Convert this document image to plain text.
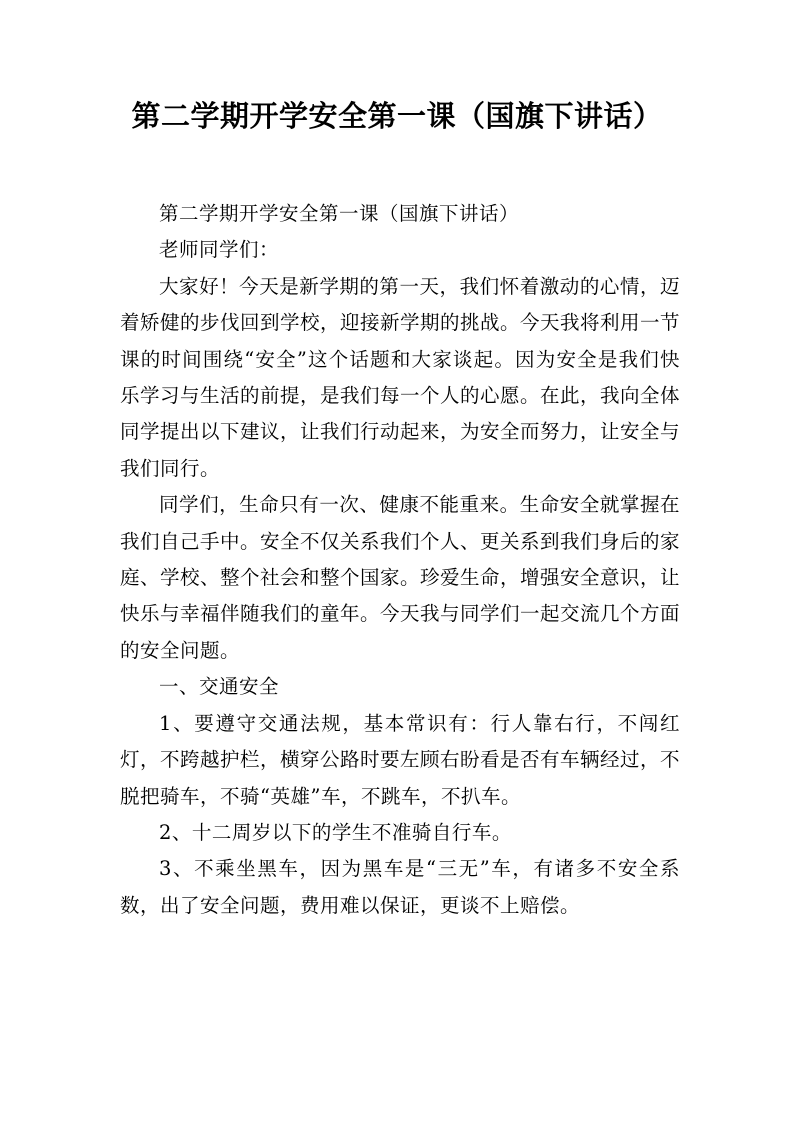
第二学期开学安全第一课（国旗下讲话）

第二学期开学安全第一课（国旗下讲话）

老师同学们：

大家好！今天是新学期的第一天，我们怀着激动的心情，迈着矫健的步伐回到学校，迎接新学期的挑战。今天我将利用一节课的时间围绕“安全”这个话题和大家谈起。因为安全是我们快乐学习与生活的前提，是我们每一个人的心愿。在此，我向全体同学提出以下建议，让我们行动起来，为安全而努力，让安全与我们同行。

同学们，生命只有一次、健康不能重来。生命安全就掌握在我们自己手中。安全不仅关系我们个人、更关系到我们身后的家庭、学校、整个社会和整个国家。珍爱生命，增强安全意识，让快乐与幸福伴随我们的童年。今天我与同学们一起交流几个方面的安全问题。

一、交通安全

1、要遵守交通法规，基本常识有：行人靠右行，不闯红灯，不跨越护栏，横穿公路时要左顾右盼看是否有车辆经过，不脱把骑车，不骑“英雄”车，不跳车，不扒车。

2、十二周岁以下的学生不准骑自行车。

3、不乘坐黑车，因为黑车是“三无”车，有诸多不安全系数，出了安全问题，费用难以保证，更谈不上赔偿。
